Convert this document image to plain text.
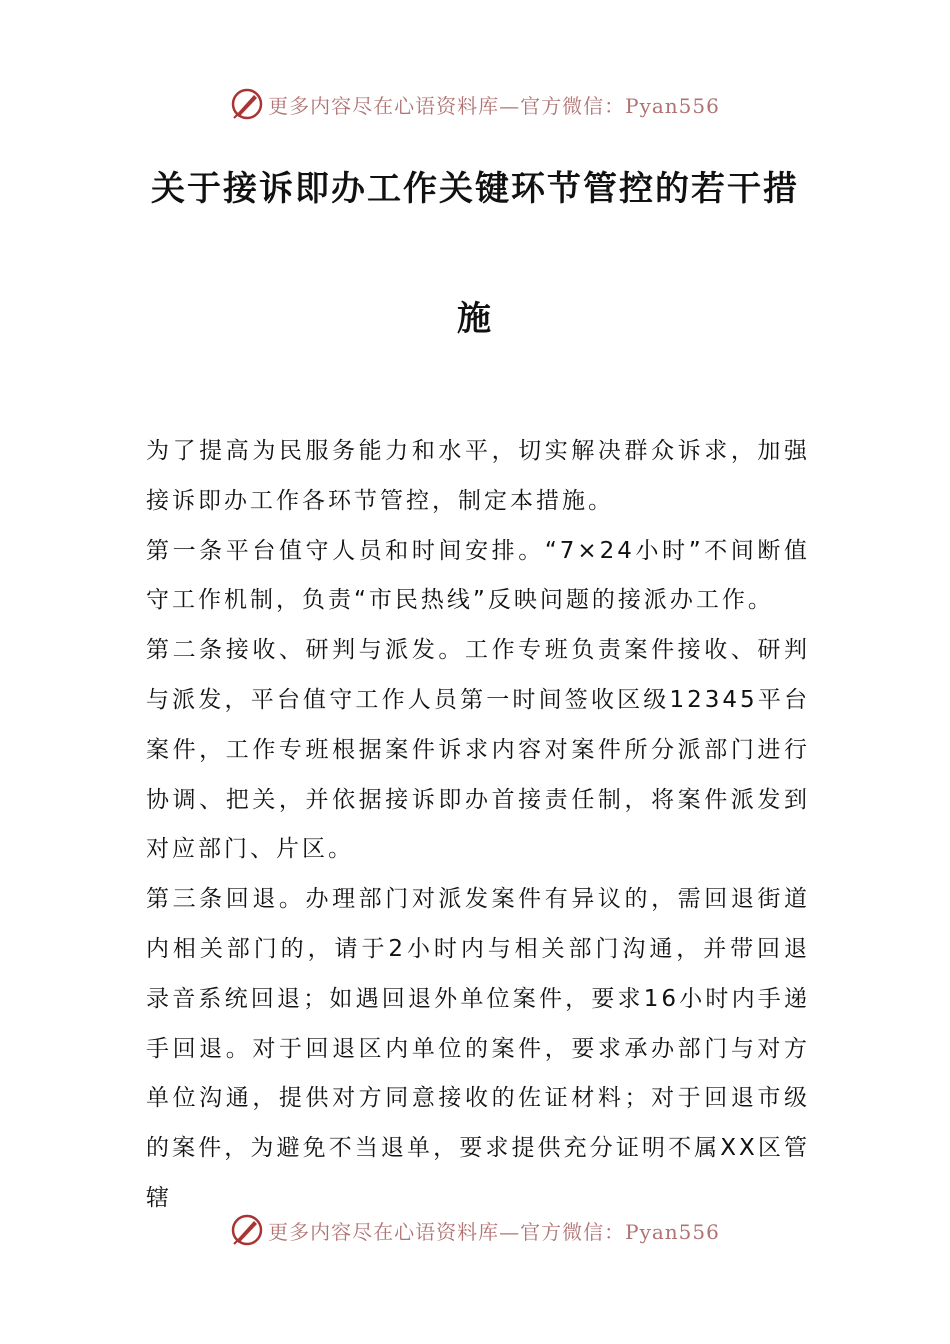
更多内容尽在心语资料库—官方微信：Pyan556
关于接诉即办工作关键环节管控的若干措
施

为了提高为民服务能力和水平，切实解决群众诉求，加强接诉即办工作各环节管控，制定本措施。

第一条平台值守人员和时间安排。“7×24小时”不间断值守工作机制，负责“市民热线”反映问题的接派办工作。

第二条接收、研判与派发。工作专班负责案件接收、研判与派发，平台值守工作人员第一时间签收区级12345平台案件，工作专班根据案件诉求内容对案件所分派部门进行协调、把关，并依据接诉即办首接责任制，将案件派发到对应部门、片区。

第三条回退。办理部门对派发案件有异议的，需回退街道内相关部门的，请于2小时内与相关部门沟通，并带回退录音系统回退；如遇回退外单位案件，要求16小时内手递手回退。对于回退区内单位的案件，要求承办部门与对方单位沟通，提供对方同意接收的佐证材料；对于回退市级的案件，为避免不当退单，要求提供充分证明不属XX区管辖

更多内容尽在心语资料库—官方微信：Pyan556
